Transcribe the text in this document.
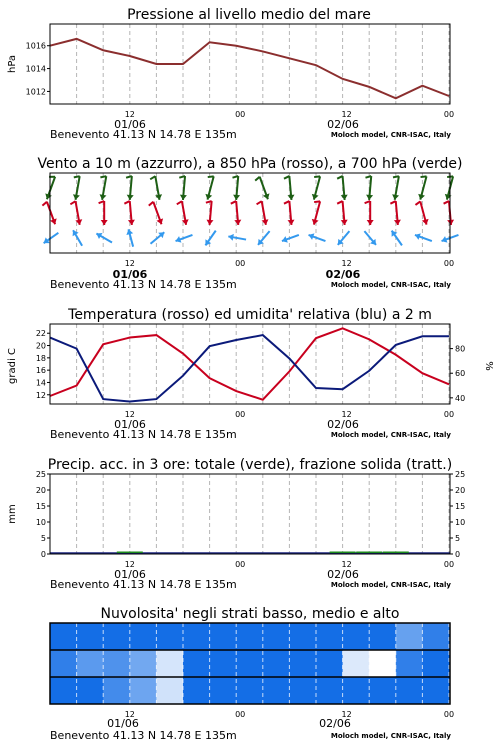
Pressione al livello medio del mare
hPa
1012
1014
1016
12	00	12	00
01/06	02/06
Benevento 41.13 N 14.78 E 135m	Moloch model, CNR-ISAC, Italy
Vento a 10 m (azzurro), a 850 hPa (rosso), a 700 hPa (verde)
12	00	12	00
01/06	02/06
Benevento 41.13 N 14.78 E 135m	Moloch model, CNR-ISAC, Italy
Temperatura (rosso) ed umidita' relativa (blu) a 2 m
gradi C	%
12
14
16
18
20
22
40
60
80
12	00	12	00
01/06	02/06
Benevento 41.13 N 14.78 E 135m	Moloch model, CNR-ISAC, Italy
Precip. acc. in 3 ore: totale (verde), frazione solida (tratt.)
mm
0
5
10
15
20
25
0
5
10
15
20
25
12	00	12	00
01/06	02/06
Benevento 41.13 N 14.78 E 135m	Moloch model, CNR-ISAC, Italy
Nuvolosita' negli strati basso, medio e alto
12	00	12	00
01/06	02/06
Benevento 41.13 N 14.78 E 135m	Moloch model, CNR-ISAC, Italy
